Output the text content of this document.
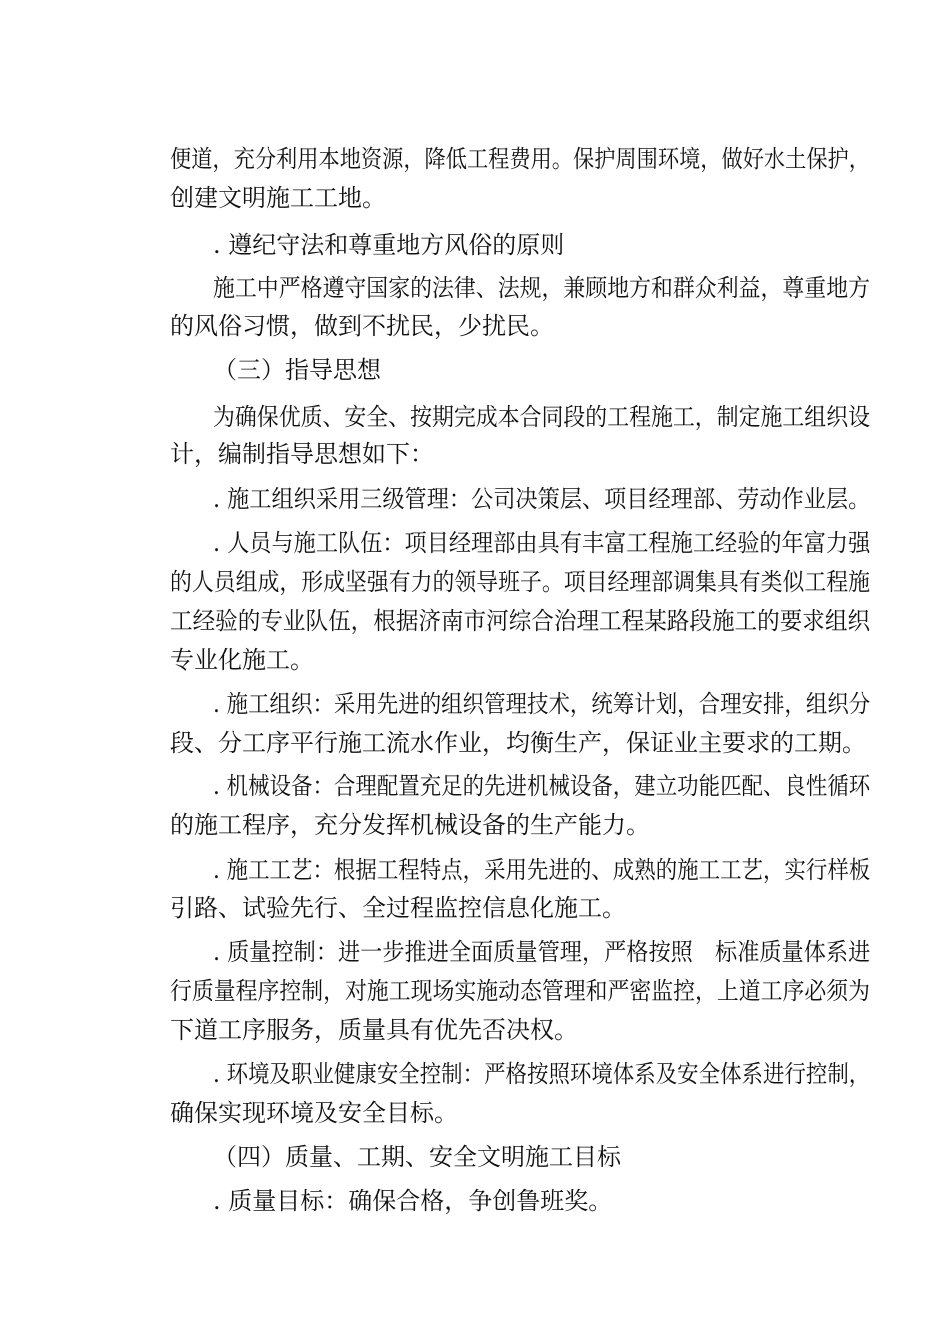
便道，充分利用本地资源，降低工程费用。保护周围环境，做好水土保护，
创建文明施工工地。
. 遵纪守法和尊重地方风俗的原则
施工中严格遵守国家的法律、法规，兼顾地方和群众利益，尊重地方
的风俗习惯，做到不扰民，少扰民。
（三）指导思想
为确保优质、安全、按期完成本合同段的工程施工，制定施工组织设
计，编制指导思想如下：
. 施工组织采用三级管理：公司决策层、项目经理部、劳动作业层。
. 人员与施工队伍：项目经理部由具有丰富工程施工经验的年富力强
的人员组成，形成坚强有力的领导班子。项目经理部调集具有类似工程施
工经验的专业队伍，根据济南市河综合治理工程某路段施工的要求组织
专业化施工。
. 施工组织：采用先进的组织管理技术，统筹计划，合理安排，组织分
段、分工序平行施工流水作业，均衡生产，保证业主要求的工期。
. 机械设备：合理配置充足的先进机械设备，建立功能匹配、良性循环
的施工程序，充分发挥机械设备的生产能力。
. 施工工艺：根据工程特点，采用先进的、成熟的施工工艺，实行样板
引路、试验先行、全过程监控信息化施工。
. 质量控制：进一步推进全面质量管理，严格按照　标准质量体系进
行质量程序控制，对施工现场实施动态管理和严密监控，上道工序必须为
下道工序服务，质量具有优先否决权。
. 环境及职业健康安全控制：严格按照环境体系及安全体系进行控制，
确保实现环境及安全目标。
（四）质量、工期、安全文明施工目标
. 质量目标：确保合格，争创鲁班奖。
